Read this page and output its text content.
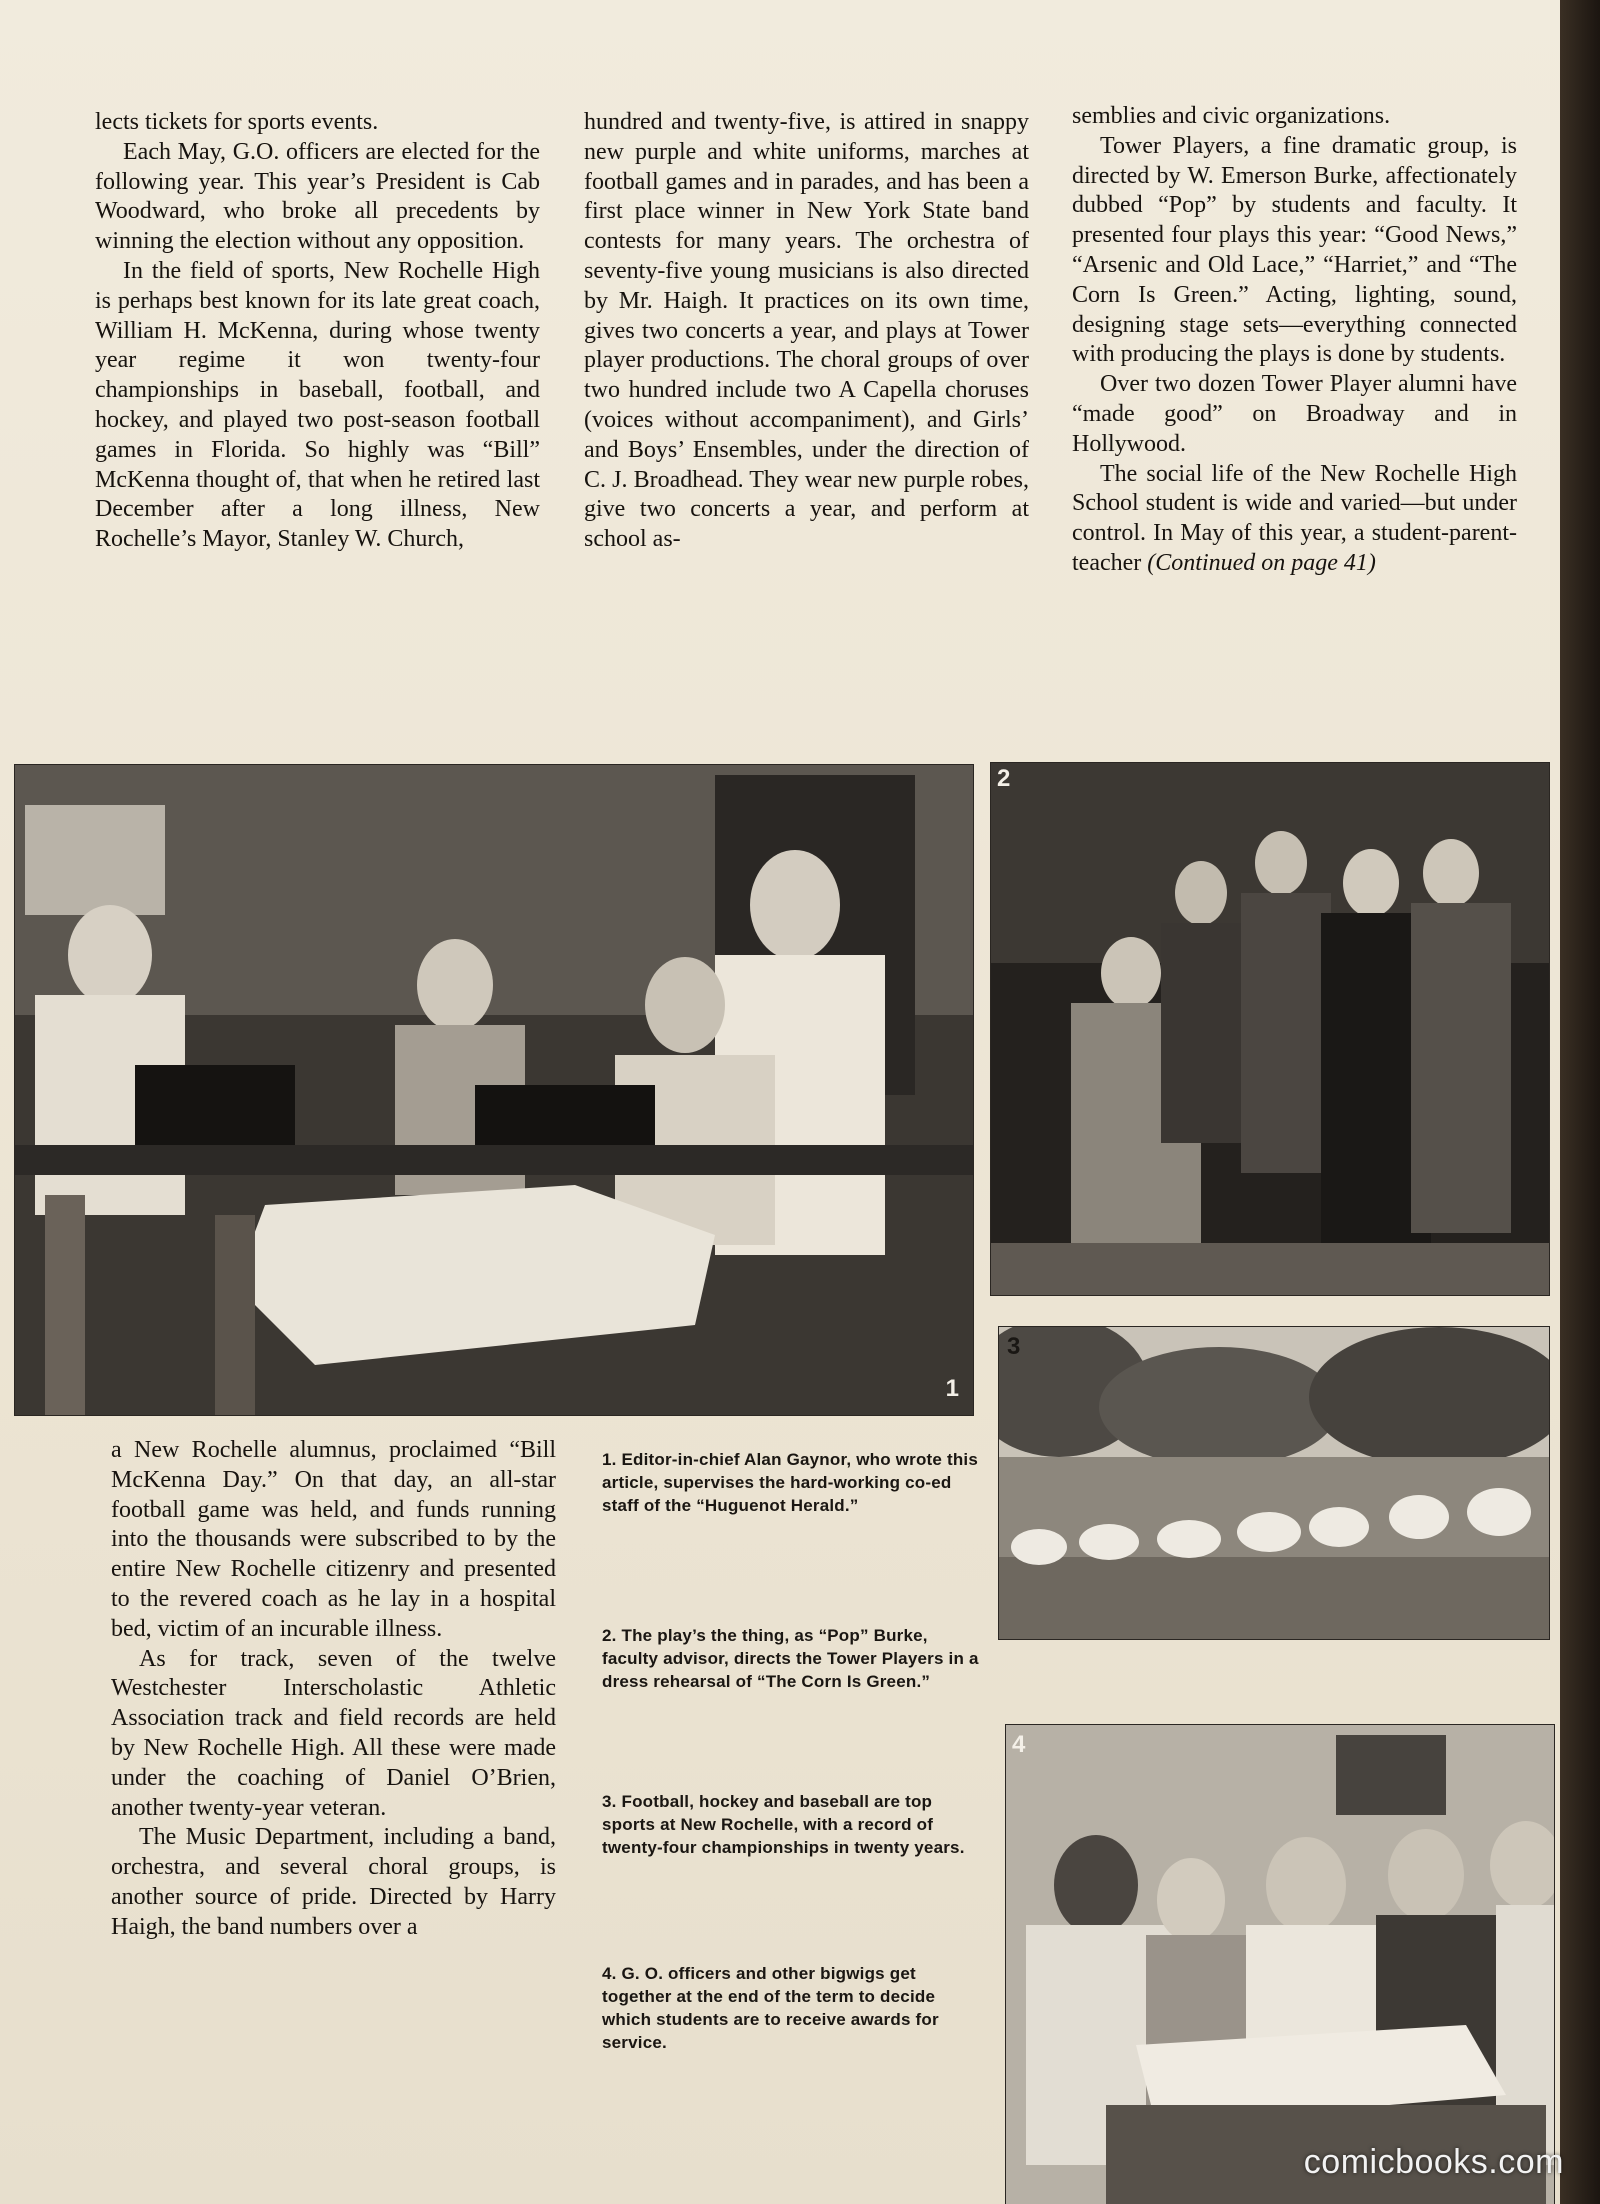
lects tickets for sports events.

Each May, G.O. officers are elected for the following year. This year’s President is Cab Woodward, who broke all precedents by winning the election without any opposition.

In the field of sports, New Rochelle High is perhaps best known for its late great coach, William H. McKenna, during whose twenty year regime it won twenty-four championships in baseball, football, and hockey, and played two post-season football games in Florida. So highly was “Bill” McKenna thought of, that when he retired last December after a long illness, New Rochelle’s Mayor, Stanley W. Church,

hundred and twenty-five, is attired in snappy new purple and white uniforms, marches at football games and in parades, and has been a first place winner in New York State band contests for many years. The orchestra of seventy-five young musicians is also directed by Mr. Haigh. It practices on its own time, gives two concerts a year, and plays at Tower player productions. The choral groups of over two hundred include two A Capella choruses (voices without accompaniment), and Girls’ and Boys’ Ensembles, under the direction of C. J. Broadhead. They wear new purple robes, give two concerts a year, and perform at school as-

semblies and civic organizations.

Tower Players, a fine dramatic group, is directed by W. Emerson Burke, affectionately dubbed “Pop” by students and faculty. It presented four plays this year: “Good News,” “Arsenic and Old Lace,” “Harriet,” and “The Corn Is Green.” Acting, lighting, sound, designing stage sets—everything connected with producing the plays is done by students.

Over two dozen Tower Player alumni have “made good” on Broadway and in Hollywood.

The social life of the New Rochelle High School student is wide and varied—but under control. In May of this year, a student-parent-teacher (Continued on page 41)

1
2
3
4

a New Rochelle alumnus, proclaimed “Bill McKenna Day.” On that day, an all-star football game was held, and funds running into the thousands were subscribed to by the entire New Rochelle citizenry and presented to the revered coach as he lay in a hospital bed, victim of an incurable illness.

As for track, seven of the twelve Westchester Interscholastic Athletic Association track and field records are held by New Rochelle High. All these were made under the coaching of Daniel O’Brien, another twenty-year veteran.

The Music Department, including a band, orchestra, and several choral groups, is another source of pride. Directed by Harry Haigh, the band numbers over a

1. Editor-in-chief Alan Gaynor, who wrote this article, supervises the hard-working co-ed staff of the “Huguenot Herald.”
2. The play’s the thing, as “Pop” Burke, faculty advisor, directs the Tower Players in a dress rehearsal of “The Corn Is Green.”
3. Football, hockey and baseball are top sports at New Rochelle, with a record of twenty-four championships in twenty years.
4. G. O. officers and other bigwigs get together at the end of the term to decide which students are to receive awards for service.
comicbooks.com
